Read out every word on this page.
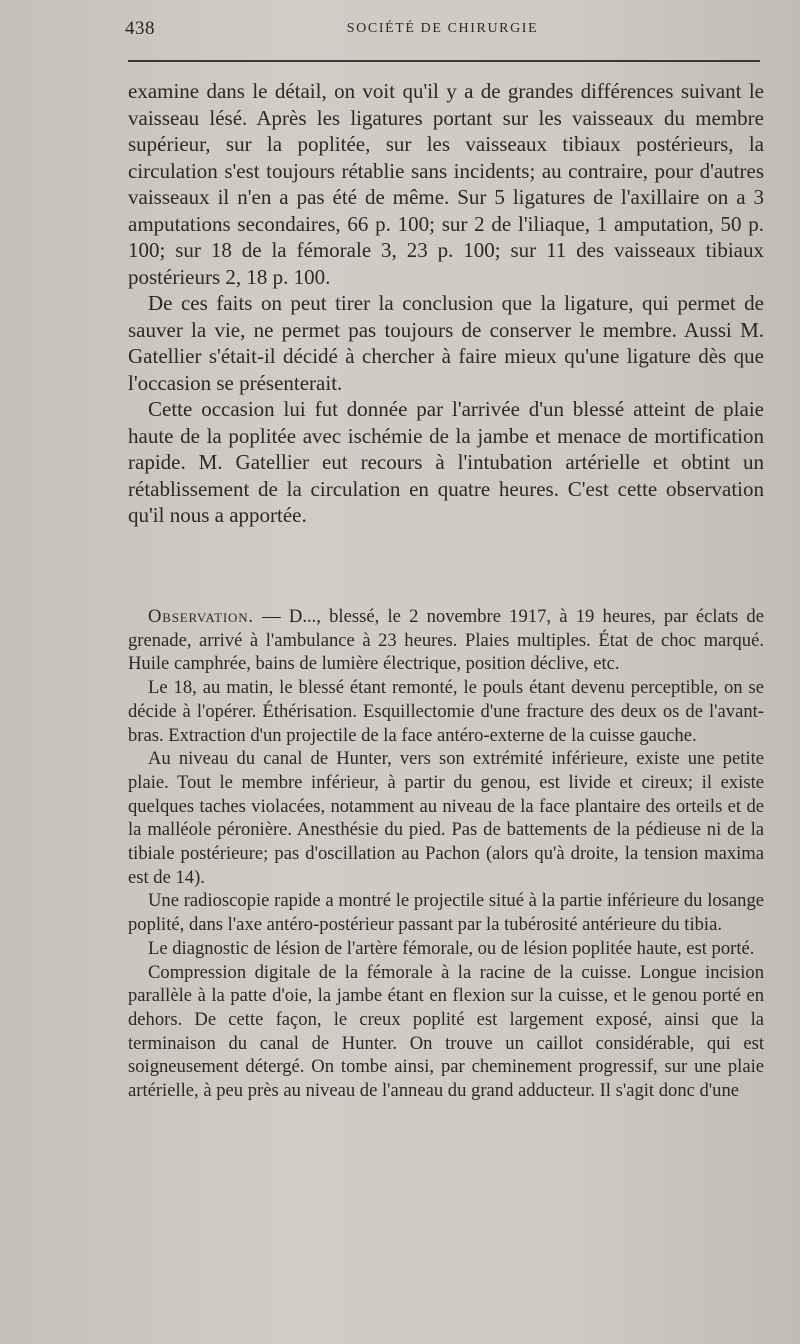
438	SOCIÉTÉ DE CHIRURGIE

examine dans le détail, on voit qu'il y a de grandes différences suivant le vaisseau lésé. Après les ligatures portant sur les vaisseaux du membre supérieur, sur la poplitée, sur les vaisseaux tibiaux postérieurs, la circulation s'est toujours rétablie sans incidents; au contraire, pour d'autres vaisseaux il n'en a pas été de même. Sur 5 ligatures de l'axillaire on a 3 amputations secondaires, 66 p. 100; sur 2 de l'iliaque, 1 amputation, 50 p. 100; sur 18 de la fémorale 3, 23 p. 100; sur 11 des vaisseaux tibiaux postérieurs 2, 18 p. 100.

De ces faits on peut tirer la conclusion que la ligature, qui permet de sauver la vie, ne permet pas toujours de conserver le membre. Aussi M. Gatellier s'était-il décidé à chercher à faire mieux qu'une ligature dès que l'occasion se présenterait.

Cette occasion lui fut donnée par l'arrivée d'un blessé atteint de plaie haute de la poplitée avec ischémie de la jambe et menace de mortification rapide. M. Gatellier eut recours à l'intubation artérielle et obtint un rétablissement de la circulation en quatre heures. C'est cette observation qu'il nous a apportée.

Observation. — D..., blessé, le 2 novembre 1917, à 19 heures, par éclats de grenade, arrivé à l'ambulance à 23 heures. Plaies multiples. État de choc marqué. Huile camphrée, bains de lumière électrique, position déclive, etc.

Le 18, au matin, le blessé étant remonté, le pouls étant devenu perceptible, on se décide à l'opérer. Éthérisation. Esquillectomie d'une fracture des deux os de l'avant-bras. Extraction d'un projectile de la face antéro-externe de la cuisse gauche.

Au niveau du canal de Hunter, vers son extrémité inférieure, existe une petite plaie. Tout le membre inférieur, à partir du genou, est livide et cireux; il existe quelques taches violacées, notamment au niveau de la face plantaire des orteils et de la malléole péronière. Anesthésie du pied. Pas de battements de la pédieuse ni de la tibiale postérieure; pas d'oscillation au Pachon (alors qu'à droite, la tension maxima est de 14).

Une radioscopie rapide a montré le projectile situé à la partie inférieure du losange poplité, dans l'axe antéro-postérieur passant par la tubérosité antérieure du tibia.

Le diagnostic de lésion de l'artère fémorale, ou de lésion poplitée haute, est porté.

Compression digitale de la fémorale à la racine de la cuisse. Longue incision parallèle à la patte d'oie, la jambe étant en flexion sur la cuisse, et le genou porté en dehors. De cette façon, le creux poplité est largement exposé, ainsi que la terminaison du canal de Hunter. On trouve un caillot considérable, qui est soigneusement détergé. On tombe ainsi, par cheminement progressif, sur une plaie artérielle, à peu près au niveau de l'anneau du grand adducteur. Il s'agit donc d'une
